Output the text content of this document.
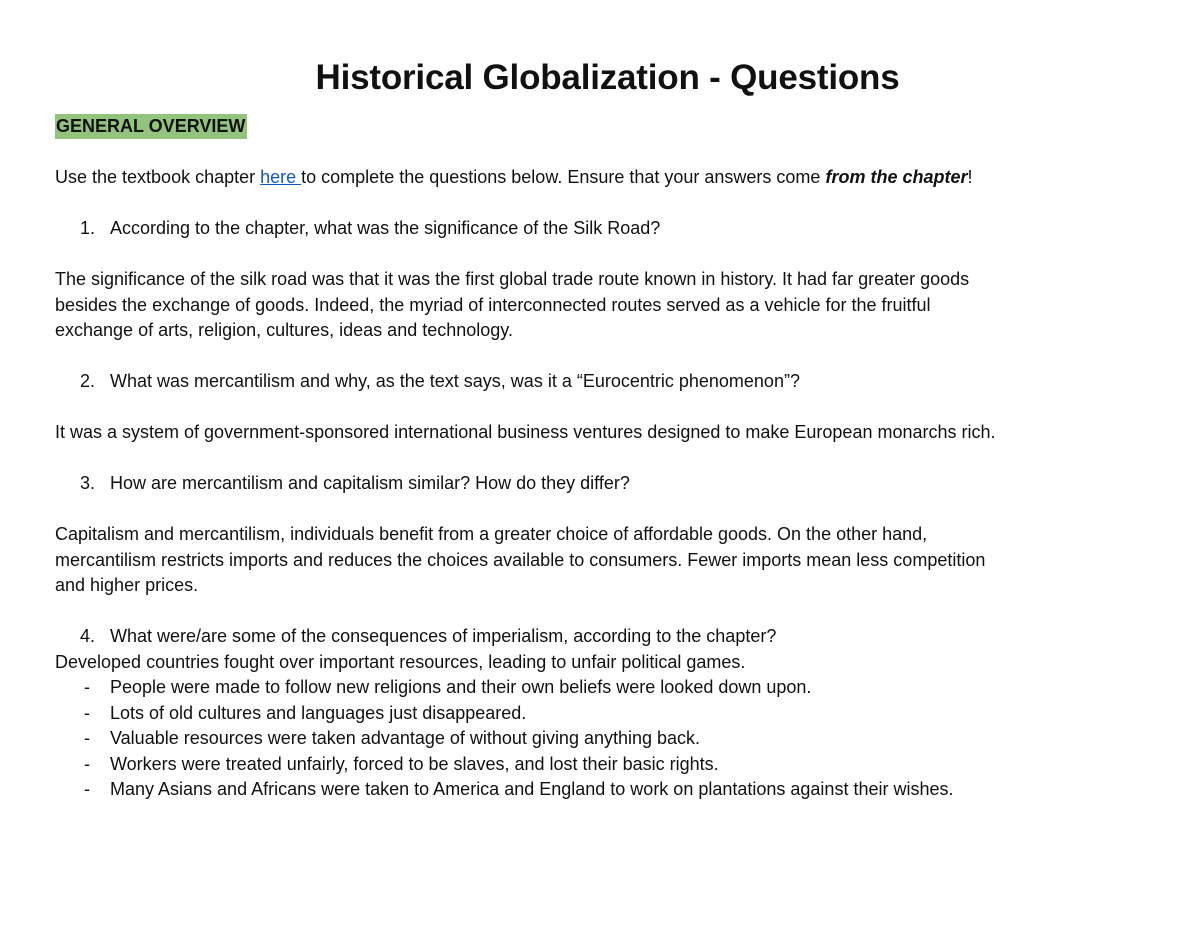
Historical Globalization - Questions

GENERAL OVERVIEW

Use the textbook chapter here to complete the questions below. Ensure that your answers come from the chapter!

1. According to the chapter, what was the significance of the Silk Road?

The significance of the silk road was that it was the first global trade route known in history. It had far greater goods

besides the exchange of goods. Indeed, the myriad of interconnected routes served as a vehicle for the fruitful

exchange of arts, religion, cultures, ideas and technology.

2. What was mercantilism and why, as the text says, was it a “Eurocentric phenomenon”?

It was a system of government-sponsored international business ventures designed to make European monarchs rich.

3. How are mercantilism and capitalism similar? How do they differ?

Capitalism and mercantilism, individuals benefit from a greater choice of affordable goods. On the other hand,

mercantilism restricts imports and reduces the choices available to consumers. Fewer imports mean less competition

and higher prices.

4. What were/are some of the consequences of imperialism, according to the chapter?

Developed countries fought over important resources, leading to unfair political games.

- People were made to follow new religions and their own beliefs were looked down upon.

- Lots of old cultures and languages just disappeared.

- Valuable resources were taken advantage of without giving anything back.

- Workers were treated unfairly, forced to be slaves, and lost their basic rights.

- Many Asians and Africans were taken to America and England to work on plantations against their wishes.
